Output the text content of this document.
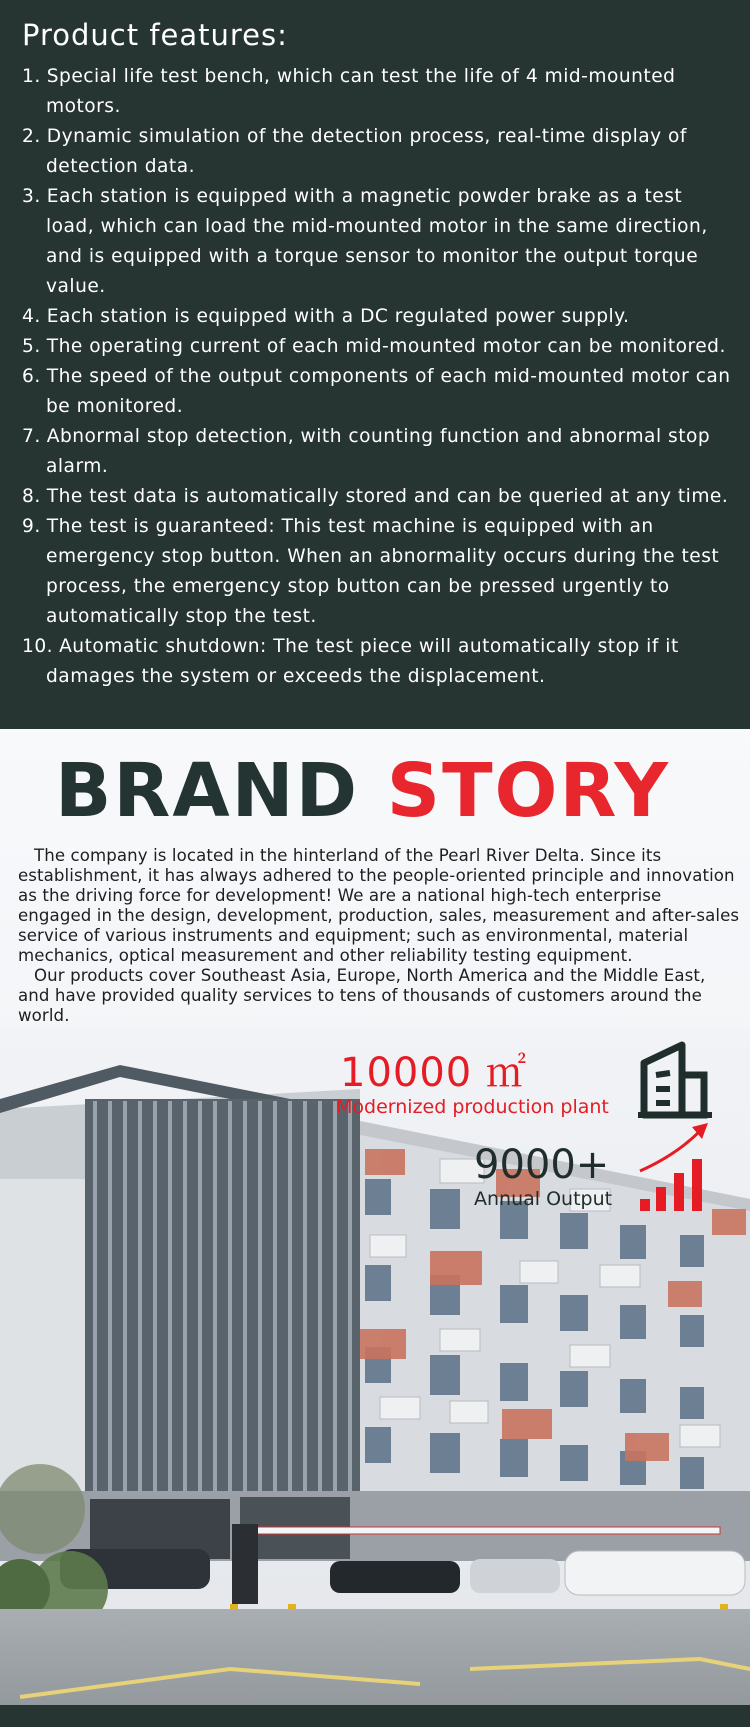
Product features:
1. Special life test bench, which can test the life of 4 mid-mounted motors.
2. Dynamic simulation of the detection process, real-time display of detection data.
3. Each station is equipped with a magnetic powder brake as a test load, which can load the mid-mounted motor in the same direction, and is equipped with a torque sensor to monitor the output torque value.
4. Each station is equipped with a DC regulated power supply.
5. The operating current of each mid-mounted motor can be monitored.
6. The speed of the output components of each mid-mounted motor can be monitored.
7. Abnormal stop detection, with counting function and abnormal stop alarm.
8. The test data is automatically stored and can be queried at any time.
9. The test is guaranteed: This test machine is equipped with an emergency stop button. When an abnormality occurs during the test process, the emergency stop button can be pressed urgently to automatically stop the test.
10. Automatic shutdown: The test piece will automatically stop if it damages the system or exceeds the displacement.
BRAND STORY

The company is located in the hinterland of the Pearl River Delta. Since its establishment, it has always adhered to the people-oriented principle and innovation as the driving force for development! We are a national high-tech enterprise engaged in the design, development, production, sales, measurement and after-sales service of various instruments and equipment; such as environmental, material mechanics, optical measurement and other reliability testing equipment.

Our products cover Southeast Asia, Europe, North America and the Middle East, and have provided quality services to tens of thousands of customers around the world.

10000 ㎡
Modernized production plant
9000+
Annual Output
